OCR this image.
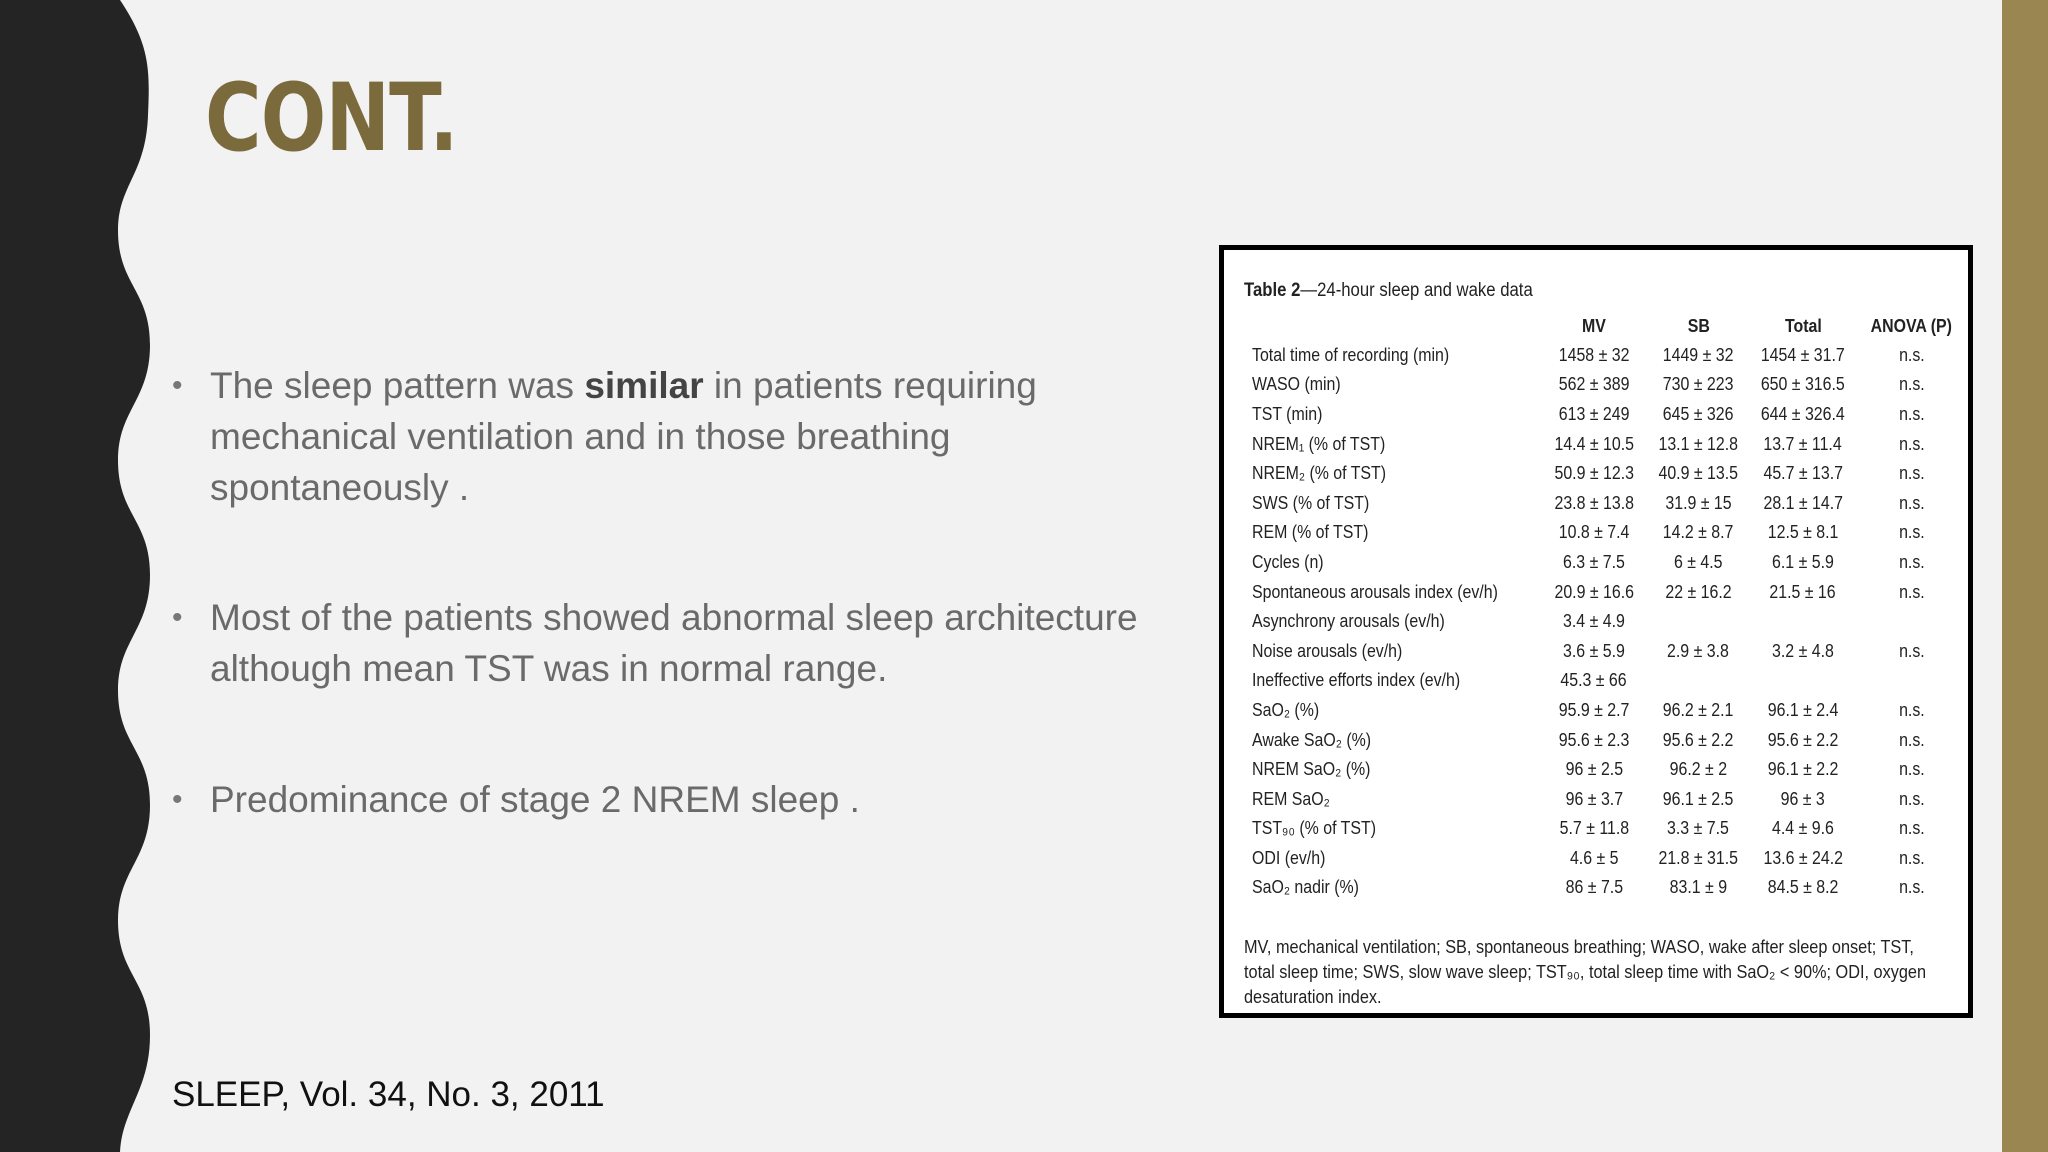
CONT.
• The sleep pattern was similar in patients requiring mechanical ventilation and in those breathing spontaneously .
• Most of the patients showed abnormal sleep architecture although mean TST was in normal range.
• Predominance of stage 2 NREM sleep .
SLEEP, Vol. 34, No. 3, 2011
Table 2—24-hour sleep and wake data
	MV	SB	Total	ANOVA (P)
Total time of recording (min)	1458 ± 32	1449 ± 32	1454 ± 31.7	n.s.
WASO (min)	562 ± 389	730 ± 223	650 ± 316.5	n.s.
TST (min)	613 ± 249	645 ± 326	644 ± 326.4	n.s.
NREM₁ (% of TST)	14.4 ± 10.5	13.1 ± 12.8	13.7 ± 11.4	n.s.
NREM₂ (% of TST)	50.9 ± 12.3	40.9 ± 13.5	45.7 ± 13.7	n.s.
SWS (% of TST)	23.8 ± 13.8	31.9 ± 15	28.1 ± 14.7	n.s.
REM (% of TST)	10.8 ± 7.4	14.2 ± 8.7	12.5 ± 8.1	n.s.
Cycles (n)	6.3 ± 7.5	6 ± 4.5	6.1 ± 5.9	n.s.
Spontaneous arousals index (ev/h)	20.9 ± 16.6	22 ± 16.2	21.5 ± 16	n.s.
Asynchrony arousals (ev/h)	3.4 ± 4.9			
Noise arousals (ev/h)	3.6 ± 5.9	2.9 ± 3.8	3.2 ± 4.8	n.s.
Ineffective efforts index (ev/h)	45.3 ± 66			
SaO₂ (%)	95.9 ± 2.7	96.2 ± 2.1	96.1 ± 2.4	n.s.
Awake SaO₂ (%)	95.6 ± 2.3	95.6 ± 2.2	95.6 ± 2.2	n.s.
NREM SaO₂ (%)	96 ± 2.5	96.2 ± 2	96.1 ± 2.2	n.s.
REM SaO₂	96 ± 3.7	96.1 ± 2.5	96 ± 3	n.s.
TST₉₀ (% of TST)	5.7 ± 11.8	3.3 ± 7.5	4.4 ± 9.6	n.s.
ODI (ev/h)	4.6 ± 5	21.8 ± 31.5	13.6 ± 24.2	n.s.
SaO₂ nadir (%)	86 ± 7.5	83.1 ± 9	84.5 ± 8.2	n.s.
MV, mechanical ventilation; SB, spontaneous breathing; WASO, wake after sleep onset; TST, total sleep time; SWS, slow wave sleep; TST₉₀, total sleep time with SaO₂ < 90%; ODI, oxygen desaturation index.
